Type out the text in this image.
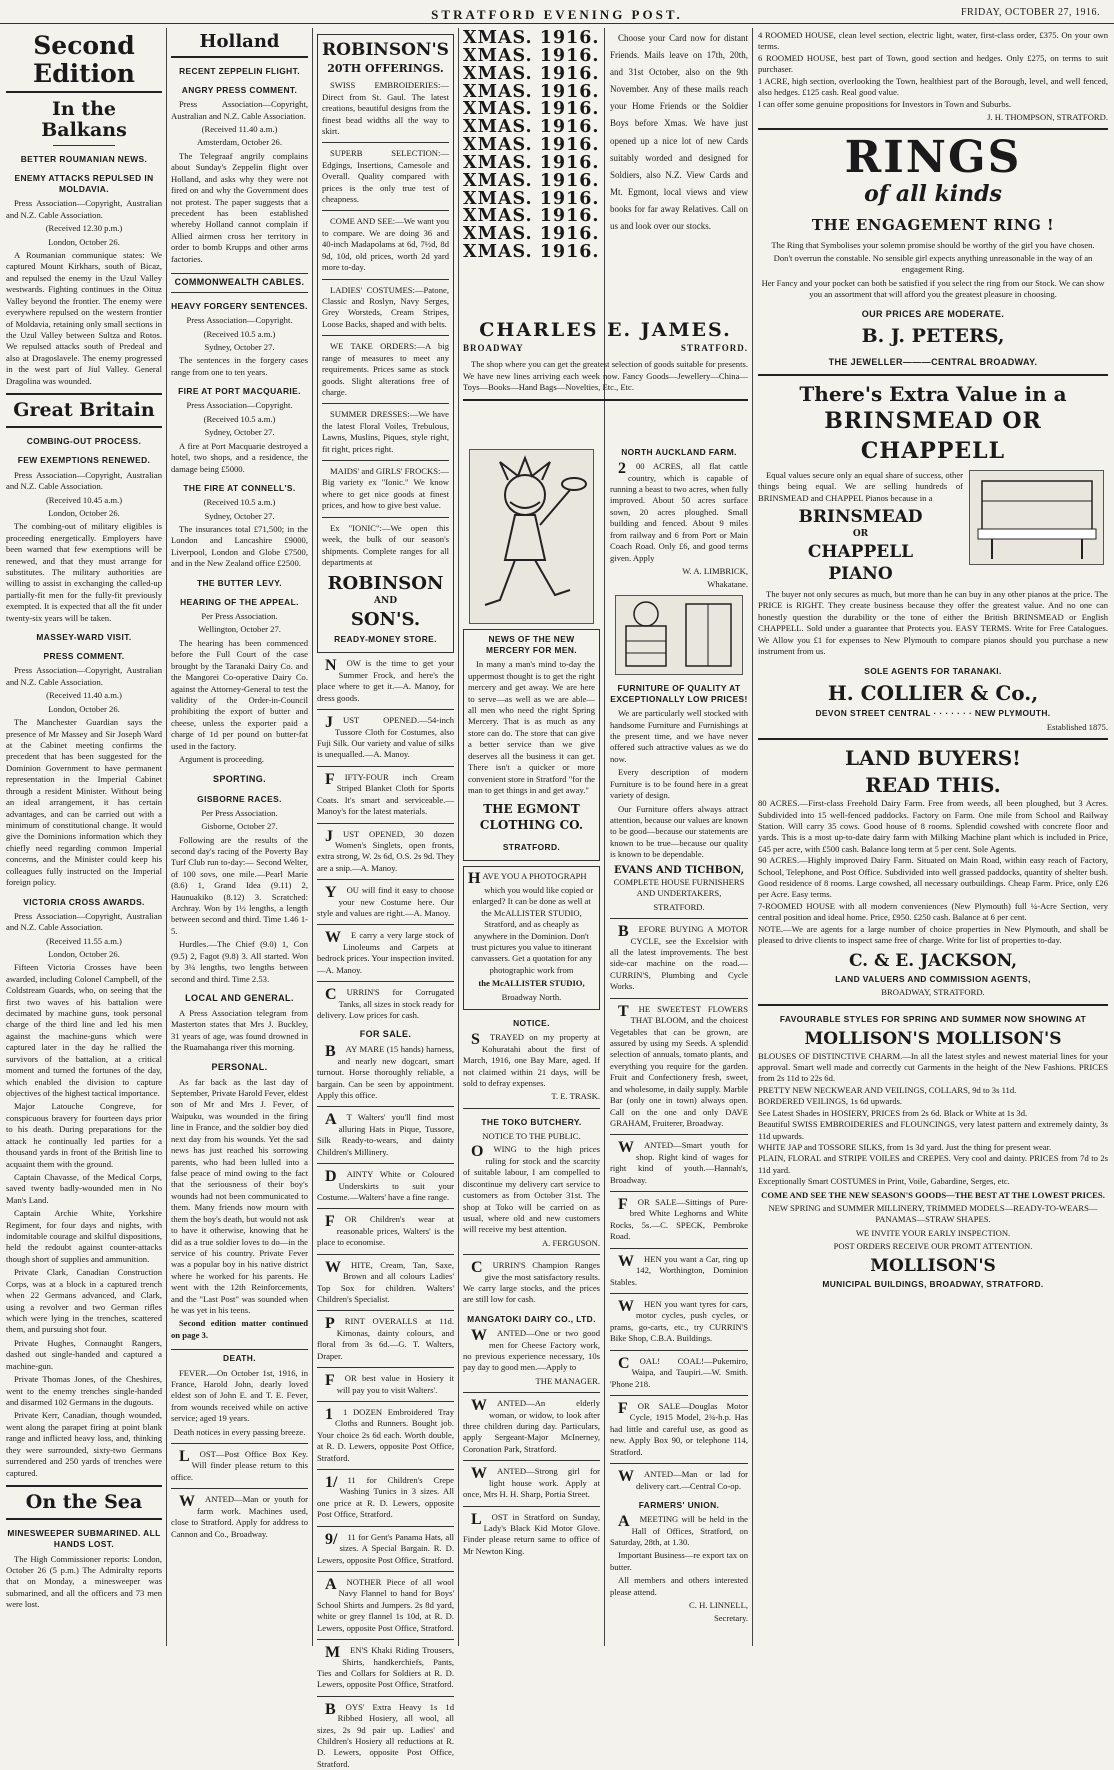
STRATFORD EVENING POST.	FRIDAY, OCTOBER 27, 1916.
Second Edition
In the Balkans
BETTER ROUMANIAN NEWS.
ENEMY ATTACKS REPULSED IN MOLDAVIA.

Press Association—Copyright, Australian and N.Z. Cable Association.

(Received 12.30 p.m.)

London, October 26.

A Roumanian communique states: We captured Mount Kirkhars, south of Bicaz, and repulsed the enemy in the Uzul Valley westwards. Fighting continues in the Oituz Valley beyond the frontier. The enemy were everywhere repulsed on the western frontier of Moldavia, retaining only small sections in the Uzul Valley between Sultza and Rotos. We repulsed attacks south of Predeal and also at Dragoslavele. The enemy progressed in the west part of Jiul Valley. General Dragolina was wounded.

Great Britain
COMBING-OUT PROCESS.
FEW EXEMPTIONS RENEWED.

Press Association—Copyright, Australian and N.Z. Cable Association.

(Received 10.45 a.m.)

London, October 26.

The combing-out of military eligibles is proceeding energetically. Employers have been warned that few exemptions will be renewed, and that they must arrange for substitutes. The military authorities are willing to assist in exchanging the called-up partially-fit men for the fully-fit previously exempted. It is expected that all the fit under twenty-six years will be taken.

MASSEY-WARD VISIT.
PRESS COMMENT.

Press Association—Copyright, Australian and N.Z. Cable Association.

(Received 11.40 a.m.)

London, October 26.

The Manchester Guardian says the presence of Mr Massey and Sir Joseph Ward at the Cabinet meeting confirms the precedent that has been suggested for the Dominion Government to have permanent representation in the Imperial Cabinet through a resident Minister. Without being an ideal arrangement, it has certain advantages, and can be carried out with a minimum of constitutional change. It would give the Dominions information which they chiefly need regarding common Imperial concerns, and the Minister could keep his colleagues fully instructed on the Imperial foreign policy.

VICTORIA CROSS AWARDS.

Press Association—Copyright, Australian and N.Z. Cable Association.

(Received 11.55 a.m.)

London, October 26.

Fifteen Victoria Crosses have been awarded, including Colonel Campbell, of the Coldstream Guards, who, on seeing that the first two waves of his battalion were decimated by machine guns, took personal charge of the third line and led his men against the machine-guns which were captured later in the day he rallied the survivors of the battalion, at a critical moment and turned the fortunes of the day, which enabled the division to capture objectives of the highest tactical importance.

Major Latouche Congreve, for conspicuous bravery for fourteen days prior to his death. During preparations for the attack he continually led parties for a thousand yards in front of the British line to acquaint them with the ground.

Captain Chavasse, of the Medical Corps, saved twenty badly-wounded men in No Man's Land.

Captain Archie White, Yorkshire Regiment, for four days and nights, with indomitable courage and skilful dispositions, held the redoubt against counter-attacks though short of supplies and ammunition.

Private Clark, Canadian Construction Corps, was at a block in a captured trench when 22 Germans advanced, and Clark, using a revolver and two German rifles which were lying in the trenches, scattered them, and pursuing shot four.

Private Hughes, Connaught Rangers, dashed out single-handed and captured a machine-gun.

Private Thomas Jones, of the Cheshires, went to the enemy trenches single-handed and disarmed 102 Germans in the dugouts.

Private Kerr, Canadian, though wounded, went along the parapet firing at point blank range and inflicted heavy loss, and, thinking they were surrounded, sixty-two Germans surrendered and 250 yards of trenches were captured.

On the Sea
MINESWEEPER SUBMARINED. ALL HANDS LOST.

The High Commissioner reports: London, October 26 (5 p.m.) The Admiralty reports that on Monday, a minesweeper was submarined, and all the officers and 73 men were lost.

Holland
RECENT ZEPPELIN FLIGHT.
ANGRY PRESS COMMENT.

Press Association—Copyright, Australian and N.Z. Cable Association.

(Received 11.40 a.m.)

Amsterdam, October 26.

The Telegraaf angrily complains about Sunday's Zeppelin flight over Holland, and asks why they were not fired on and why the Government does not protest. The paper suggests that a precedent has been established whereby Holland cannot complain if Allied airmen cross her territory in order to bomb Krupps and other arms factories.

COMMONWEALTH CABLES.
HEAVY FORGERY SENTENCES.

Press Association—Copyright.

(Received 10.5 a.m.)

Sydney, October 27.

The sentences in the forgery cases range from one to ten years.

FIRE AT PORT MACQUARIE.

Press Association—Copyright.

(Received 10.5 a.m.)

Sydney, October 27.

A fire at Port Macquarie destroyed a hotel, two shops, and a residence, the damage being £5000.

THE FIRE AT CONNELL'S.

(Received 10.5 a.m.)

Sydney, October 27.

The insurances total £71,500; in the London and Lancashire £9000, Liverpool, London and Globe £7500, and in the New Zealand office £2500.

THE BUTTER LEVY.
HEARING OF THE APPEAL.

Per Press Association.

Wellington, October 27.

The hearing has been commenced before the Full Court of the case brought by the Taranaki Dairy Co. and the Mangorei Co-operative Dairy Co. against the Attorney-General to test the validity of the Order-in-Council prohibiting the export of butter and cheese, unless the exporter paid a charge of 1d per pound on butter-fat used in the factory.

Argument is proceeding.

SPORTING.
GISBORNE RACES.

Per Press Association.

Gisborne, October 27.

Following are the results of the second day's racing of the Poverty Bay Turf Club run to-day:— Second Welter, of 100 sovs, one mile.—Pearl Marie (8.6) 1, Grand Idea (9.11) 2, Haunuakiko (8.12) 3. Scratched: Archray. Won by 1½ lengths, a length between second and third. Time 1.46 1-5.

Hurdles.—The Chief (9.0) 1, Con (9.5) 2, Fagot (9.8) 3. All started. Won by 3¼ lengths, two lengths between second and third. Time 2.53.

LOCAL AND GENERAL.

A Press Association telegram from Masterton states that Mrs J. Buckley, 31 years of age, was found drowned in the Ruamahanga river this morning.

PERSONAL.

As far back as the last day of September, Private Harold Fever, eldest son of Mr and Mrs J. Fever, of Waipuku, was wounded in the firing line in France, and the soldier boy died next day from his wounds. Yet the sad news has just reached his sorrowing parents, who had been lulled into a false peace of mind owing to the fact that the seriousness of their boy's wounds had not been communicated to them. Many friends now mourn with them the boy's death, but would not ask to have it otherwise, knowing that he did as a true soldier loves to do—in the service of his country. Private Fever was a popular boy in his native district where he worked for his parents. He went with the 12th Reinforcements, and the "Last Post" was sounded when he was yet in his teens.

Second edition matter continued on page 3.

DEATH.

FEVER.—On October 1st, 1916, in France, Harold John, dearly loved eldest son of John E. and T. E. Fever, from wounds received while on active service; aged 19 years.

Death notices in every passing breeze.

LOST—Post Office Box Key. Will finder please return to this office.

WANTED—Man or youth for farm work. Machines used, close to Stratford. Apply for address to Cannon and Co., Broadway.

ROBINSON'S
20TH OFFERINGS.

SWISS EMBROIDERIES:—Direct from St. Gaul. The latest creations, beautiful designs from the finest bead widths all the way to skirt.

SUPERB SELECTION:—Edgings, Insertions, Camesole and Overall. Quality compared with prices is the only true test of cheapness.

COME AND SEE:—We want you to compare. We are doing 36 and 40-inch Madapolams at 6d, 7½d, 8d 9d, 10d, old prices, worth 2d yard more to-day.

LADIES' COSTUMES:—Patone, Classic and Roslyn, Navy Serges, Grey Worsteds, Cream Stripes, Loose Backs, shaped and with belts.

WE TAKE ORDERS:—A big range of measures to meet any requirements. Prices same as stock goods. Slight alterations free of charge.

SUMMER DRESSES:—We have the latest Floral Voiles, Trebulous, Lawns, Muslins, Piques, style right, fit right, prices right.

MAIDS' and GIRLS' FROCKS:—Big variety ex "Ionic." We know where to get nice goods at finest prices, and how to give best value.

Ex "IONIC":—We open this week, the bulk of our season's shipments. Complete ranges for all departments at

ROBINSON
AND
SON'S.
READY-MONEY STORE.

NOW is the time to get your Summer Frock, and here's the place where to get it.—A. Manoy, for dress goods.

JUST OPENED.—54-inch Tussore Cloth for Costumes, also Fuji Silk. Our variety and value of silks is unequalled.—A. Manoy.

FIFTY-FOUR inch Cream Striped Blanket Cloth for Sports Coats. It's smart and serviceable.—Manoy's for the latest materials.

JUST OPENED, 30 dozen Women's Singlets, open fronts, extra strong, W. 2s 6d, O.S. 2s 9d. They are a snip.—A. Manoy.

YOU will find it easy to choose your new Costume here. Our style and values are right.—A. Manoy.

WE carry a very large stock of Linoleums and Carpets at bedrock prices. Your inspection invited.—A. Manoy.

CURRIN'S for Corrugated Tanks, all sizes in stock ready for delivery. Low prices for cash.

FOR SALE.

BAY MARE (15 hands) harness, and nearly new dogcart, smart turnout. Horse thoroughly reliable, a bargain. Can be seen by appointment. Apply this office.

AT Walters' you'll find most alluring Hats in Pique, Tussore, Silk Ready-to-wears, and dainty Children's Millinery.

DAINTY White or Coloured Underskirts to suit your Costume.—Walters' have a fine range.

FOR Children's wear at reasonable prices, Walters' is the place to economise.

WHITE, Cream, Tan, Saxe, Brown and all colours Ladies' Top Sox for children. Walters' Children's Specialist.

PRINT OVERALLS at 11d. Kimonas, dainty colours, and floral from 3s 6d.—G. T. Walters, Draper.

FOR best value in Hosiery it will pay you to visit Walters'.

11 DOZEN Embroidered Tray Cloths and Runners. Bought job. Your choice 2s 6d each. Worth double, at R. D. Lewers, opposite Post Office, Stratford.

1/11 for Children's Crepe Washing Tunics in 3 sizes. All one price at R. D. Lewers, opposite Post Office, Stratford.

9/11 for Gent's Panama Hats, all sizes. A Special Bargain. R. D. Lewers, opposite Post Office, Stratford.

ANOTHER Piece of all wool Navy Flannel to hand for Boys' School Shirts and Jumpers. 2s 8d yard, white or grey flannel 1s 10d, at R. D. Lewers, opposite Post Office, Stratford.

MEN'S Khaki Riding Trousers, Shirts, handkerchiefs, Pants, Ties and Collars for Soldiers at R. D. Lewers, opposite Post Office, Stratford.

BOYS' Extra Heavy 1s 1d Ribbed Hosiery, all wool, all sizes, 2s 9d pair up. Ladies' and Children's Hosiery all reductions at R. D. Lewers, opposite Post Office, Stratford.

XMAS. 1916.
XMAS. 1916.
XMAS. 1916.
XMAS. 1916.
XMAS. 1916.
XMAS. 1916.
XMAS. 1916.
XMAS. 1916.
XMAS. 1916.
XMAS. 1916.
XMAS. 1916.
XMAS. 1916.
XMAS. 1916.

Choose your Card now for distant Friends. Mails leave on 17th, 20th, and 31st October, also on the 9th November. Any of these mails reach your Home Friends or the Soldier Boys before Xmas. We have just opened up a nice lot of new Cards suitably worded and designed for Soldiers, also N.Z. View Cards and Mt. Egmont, local views and view books for far away Relatives. Call on us and look over our stocks.

CHARLES E. JAMES.
BROADWAY	STRATFORD.

The shop where you can get the greatest selection of goods suitable for presents. We have new lines arriving each week now. Fancy Goods—Jewellery—China—Toys—Books—Hand Bags—Novelties, Etc., Etc.

NEWS OF THE NEW MERCERY FOR MEN.

In many a man's mind to-day the uppermost thought is to get the right mercery and get away. We are here to serve—as well as we are able—all men who need the right Spring Mercery. That is as much as any store can do. The store that can give a better service than we give deserves all the business it can get. There isn't a quicker or more convenient store in Stratford "for the man to get things in and get away."

THE EGMONT CLOTHING CO.
STRATFORD.

HAVE YOU A PHOTOGRAPH

which you would like copied or enlarged? It can be done as well at the McALLISTER STUDIO, Stratford, and as cheaply as anywhere in the Dominion. Don't trust pictures you value to itinerant canvassers. Get a quotation for any photographic work from

the McALLISTER STUDIO,

Broadway North.

NOTICE.

STRAYED on my property at Kohuratahi about the first of March, 1916, one Bay Mare, aged. If not claimed within 21 days, will be sold to defray expenses.

T. E. TRASK.

THE TOKO BUTCHERY.

NOTICE TO THE PUBLIC.

OWING to the high prices ruling for stock and the scarcity of suitable labour, I am compelled to discontinue my delivery cart service to customers as from October 31st. The shop at Toko will be carried on as usual, where old and new customers will receive my best attention.

A. FERGUSON.

CURRIN'S Champion Ranges give the most satisfactory results. We carry large stocks, and the prices are still low for cash.

MANGATOKI DAIRY CO., LTD.

WANTED—One or two good men for Cheese Factory work, no previous experience necessary, 10s pay day to good men.—Apply to

THE MANAGER.

WANTED—An elderly woman, or widow, to look after three children during day. Particulars, apply Sergeant-Major McInerney, Coronation Park, Stratford.

WANTED—Strong girl for light house work. Apply at once, Mrs H. H. Sharp, Portia Street.

LOST in Stratford on Sunday, Lady's Black Kid Motor Glove. Finder please return same to office of Mr Newton King.

NORTH AUCKLAND FARM.

200 ACRES, all flat cattle country, which is capable of running a beast to two acres, when fully improved. About 50 acres surface sown, 20 acres ploughed. Small building and fenced. About 9 miles from railway and 6 from Port or Main Coach Road. Only £6, and good terms given. Apply

W. A. LIMBRICK,

Whakatane.

FURNITURE OF QUALITY AT EXCEPTIONALLY LOW PRICES!

We are particularly well stocked with handsome Furniture and Furnishings at the present time, and we have never offered such attractive values as we do now.

Every description of modern Furniture is to be found here in a great variety of design.

Our Furniture offers always attract attention, because our values are known to be good—because our statements are known to be true—because our quality is known to be dependable.

EVANS AND TICHBON,

COMPLETE HOUSE FURNISHERS AND UNDERTAKERS,

STRATFORD.

BEFORE BUYING A MOTOR CYCLE, see the Excelsior with all the latest improvements. The best side-car machine on the road.—CURRIN'S, Plumbing and Cycle Works.

THE SWEETEST FLOWERS THAT BLOOM, and the choicest Vegetables that can be grown, are assured by using my Seeds. A splendid selection of annuals, tomato plants, and everything you require for the garden. Fruit and Confectionery fresh, sweet, and wholesome, in daily supply. Marble Bar (only one in town) always open. Call on the one and only DAVE GRAHAM, Fruiterer, Broadway.

WANTED—Smart youth for shop. Right kind of wages for right kind of youth.—Hannah's, Broadway.

FOR SALE—Sittings of Pure-bred White Leghorns and White Rocks, 5s.—C. SPECK, Pembroke Road.

WHEN you want a Car, ring up 142, Worthington, Dominion Stables.

WHEN you want tyres for cars, motor cycles, push cycles, or prams, go-carts, etc., try CURRIN'S Bike Shop, C.B.A. Buildings.

COAL! COAL!—Pukemiro, Waipa, and Taupiri.—W. Smith. 'Phone 218.

FOR SALE—Douglas Motor Cycle, 1915 Model, 2¾-h.p. Has had little and careful use, as good as new. Apply Box 90, or telephone 114, Stratford.

WANTED—Man or lad for delivery cart.—Central Co-op.

FARMERS' UNION.

AMEETING will be held in the Hall of Offices, Stratford, on Saturday, 28th, at 1.30.

Important Business—re export tax on butter.

All members and others interested please attend.

C. H. LINNELL,

Secretary.

4 ROOMED HOUSE, clean level section, electric light, water, first-class order, £375. On your own terms.
6 ROOMED HOUSE, best part of Town, good section and hedges. Only £275, on terms to suit purchaser.
1 ACRE, high section, overlooking the Town, healthiest part of the Borough, level, and well fenced, also hedges. £125 cash. Real good value.
I can offer some genuine propositions for Investors in Town and Suburbs.

J. H. THOMPSON, STRATFORD.

RINGS
of all kinds
THE ENGAGEMENT RING !

The Ring that Symbolises your solemn promise should be worthy of the girl you have chosen.

Don't overrun the constable. No sensible girl expects anything unreasonable in the way of an engagement Ring.

Her Fancy and your pocket can both be satisfied if you select the ring from our Stock. We can show you an assortment that will afford you the greatest pleasure in choosing.

OUR PRICES ARE MODERATE.
B. J. PETERS,
THE JEWELLER———CENTRAL BROADWAY.
There's Extra Value in a
BRINSMEAD OR CHAPPELL

Equal values secure only an equal share of success, other things being equal. We are selling hundreds of BRINSMEAD and CHAPPEL Pianos because in a

BRINSMEAD
OR
CHAPPELL
PIANO

The buyer not only secures as much, but more than he can buy in any other pianos at the price. The PRICE is RIGHT. They create business because they offer the greatest value. And no one can honestly question the durability or the tone of either the British BRINSMEAD or English CHAPPELL. Sold under a guarantee that Protects you. EASY TERMS. Write for Free Catalogues. We Allow you £1 for expenses to New Plymouth to compare pianos should you purchase a new instrument from us.

SOLE AGENTS FOR TARANAKI.
H. COLLIER & Co.,
DEVON STREET CENTRAL · · · · · · · NEW PLYMOUTH.

Established 1875.

LAND BUYERS!
READ THIS.

80 ACRES.—First-class Freehold Dairy Farm. Free from weeds, all been ploughed, but 3 Acres. Subdivided into 15 well-fenced paddocks. Factory on Farm. One mile from School and Railway Station. Will carry 35 cows. Good house of 8 rooms. Splendid cowshed with concrete floor and yards. This is a most up-to-date dairy farm with Milking Machine plant which is included in Price, £45 per acre, with £500 cash. Balance long term at 5 per cent. Sole Agents.
90 ACRES.—Highly improved Dairy Farm. Situated on Main Road, within easy reach of Factory, School, Telephone, and Post Office. Subdivided into well grassed paddocks, quantity of shelter bush. Good residence of 8 rooms. Large cowshed, all necessary outbuildings. Cheap Farm. Price, only £26 per Acre. Easy terms.
7-ROOMED HOUSE with all modern conveniences (New Plymouth) full ¼-Acre Section, very central position and ideal home. Price, £950. £250 cash. Balance at 6 per cent.
NOTE.—We are agents for a large number of choice properties in New Plymouth, and shall be pleased to drive clients to inspect same free of charge. Write for list of properties to-day.

C. & E. JACKSON,
LAND VALUERS AND COMMISSION AGENTS,

BROADWAY, STRATFORD.

FAVOURABLE STYLES FOR SPRING AND SUMMER NOW SHOWING AT
MOLLISON'S MOLLISON'S

BLOUSES OF DISTINCTIVE CHARM.—In all the latest styles and newest material lines for your approval. Smart well made and correctly cut Garments in the height of the New Fashions. PRICES from 2s 11d to 22s 6d.
PRETTY NEW NECKWEAR AND VEILINGS, COLLARS, 9d to 3s 11d.
BORDERED VEILINGS, 1s 6d upwards.
See Latest Shades in HOSIERY, PRICES from 2s 6d. Black or White at 1s 3d.
Beautiful SWISS EMBROIDERIES and FLOUNCINGS, very latest pattern and extremely dainty, 3s 11d upwards.
WHITE JAP and TOSSORE SILKS, from 1s 3d yard. Just the thing for present wear.
PLAIN, FLORAL and STRIPE VOILES and CREPES. Very cool and dainty. PRICES from 7d to 2s 11d yard.
Exceptionally Smart COSTUMES in Print, Voile, Gabardine, Serges, etc.

COME AND SEE THE NEW SEASON'S GOODS—THE BEST AT THE LOWEST PRICES.

NEW SPRING and SUMMER MILLINERY, TRIMMED MODELS—READY-TO-WEARS—PANAMAS—STRAW SHAPES.

WE INVITE YOUR EARLY INSPECTION.

POST ORDERS RECEIVE OUR PROMT ATTENTION.

MOLLISON'S
MUNICIPAL BUILDINGS, BROADWAY, STRATFORD.
